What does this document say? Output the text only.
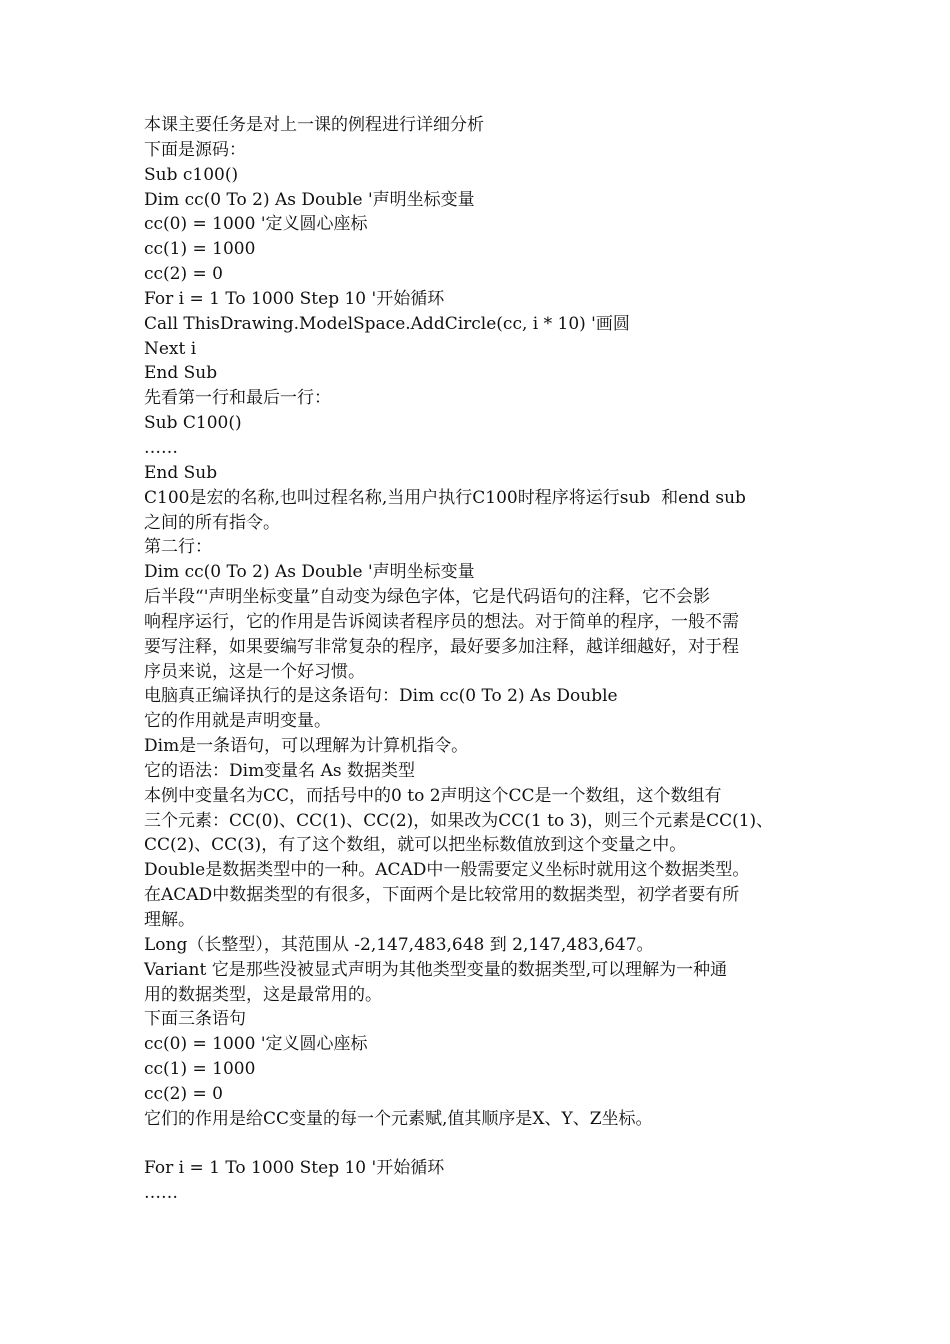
本课主要任务是对上一课的例程进行详细分析
下面是源码：
Sub c100()
Dim cc(0 To 2) As Double '声明坐标变量
cc(0) = 1000 '定义圆心座标
cc(1) = 1000
cc(2) = 0
For i = 1 To 1000 Step 10 '开始循环
Call ThisDrawing.ModelSpace.AddCircle(cc, i * 10) '画圆
Next i
End Sub
先看第一行和最后一行：
Sub C100()
……
End Sub
C100是宏的名称,也叫过程名称,当用户执行C100时程序将运行sub  和end sub
之间的所有指令。
第二行：
Dim cc(0 To 2) As Double '声明坐标变量
后半段“'声明坐标变量”自动变为绿色字体，它是代码语句的注释，它不会影
响程序运行，它的作用是告诉阅读者程序员的想法。对于简单的程序，一般不需
要写注释，如果要编写非常复杂的程序，最好要多加注释，越详细越好，对于程
序员来说，这是一个好习惯。
电脑真正编译执行的是这条语句：Dim cc(0 To 2) As Double
它的作用就是声明变量。
Dim是一条语句，可以理解为计算机指令。
它的语法：Dim变量名 As 数据类型
本例中变量名为CC，而括号中的0 to 2声明这个CC是一个数组，这个数组有
三个元素：CC(0)、CC(1)、CC(2)，如果改为CC(1 to 3)，则三个元素是CC(1)、
CC(2)、CC(3)，有了这个数组，就可以把坐标数值放到这个变量之中。
Double是数据类型中的一种。ACAD中一般需要定义坐标时就用这个数据类型。
在ACAD中数据类型的有很多，下面两个是比较常用的数据类型，初学者要有所
理解。
Long（长整型），其范围从 -2,147,483,648 到 2,147,483,647。
Variant 它是那些没被显式声明为其他类型变量的数据类型,可以理解为一种通
用的数据类型，这是最常用的。
下面三条语句
cc(0) = 1000 '定义圆心座标
cc(1) = 1000
cc(2) = 0
它们的作用是给CC变量的每一个元素赋,值其顺序是X、Y、Z坐标。
For i = 1 To 1000 Step 10 '开始循环
……
